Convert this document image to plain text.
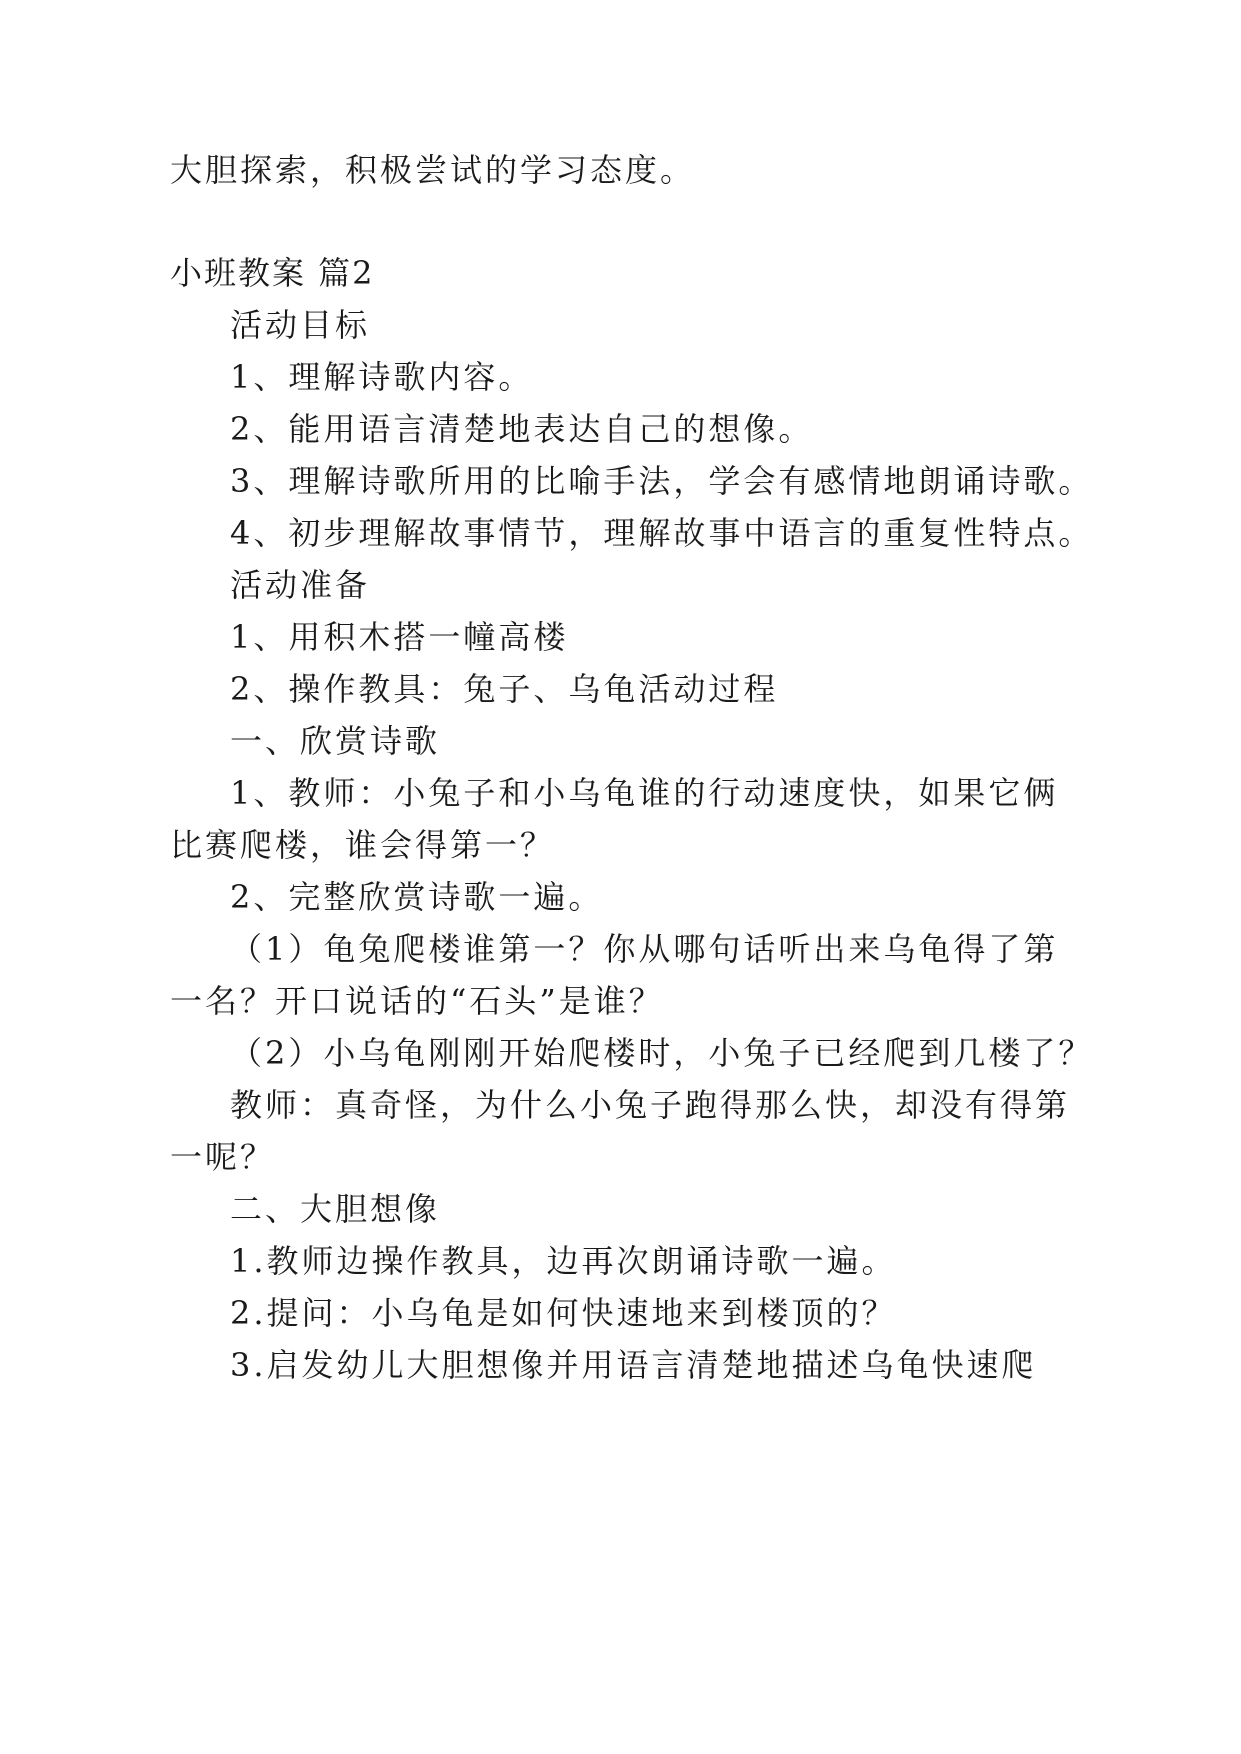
大胆探索，积极尝试的学习态度。
小班教案 篇2
活动目标
1、理解诗歌内容。
2、能用语言清楚地表达自己的想像。
3、理解诗歌所用的比喻手法，学会有感情地朗诵诗歌。
4、初步理解故事情节，理解故事中语言的重复性特点。
活动准备
1、用积木搭一幢高楼
2、操作教具：兔子、乌龟活动过程
一、欣赏诗歌
1、教师：小兔子和小乌龟谁的行动速度快，如果它俩
比赛爬楼，谁会得第一？
2、完整欣赏诗歌一遍。
（1）龟兔爬楼谁第一？你从哪句话听出来乌龟得了第
一名？开口说话的“石头”是谁？
（2）小乌龟刚刚开始爬楼时，小兔子已经爬到几楼了？
教师：真奇怪，为什么小兔子跑得那么快，却没有得第
一呢？
二、大胆想像
1.教师边操作教具，边再次朗诵诗歌一遍。
2.提问：小乌龟是如何快速地来到楼顶的？
3.启发幼儿大胆想像并用语言清楚地描述乌龟快速爬
